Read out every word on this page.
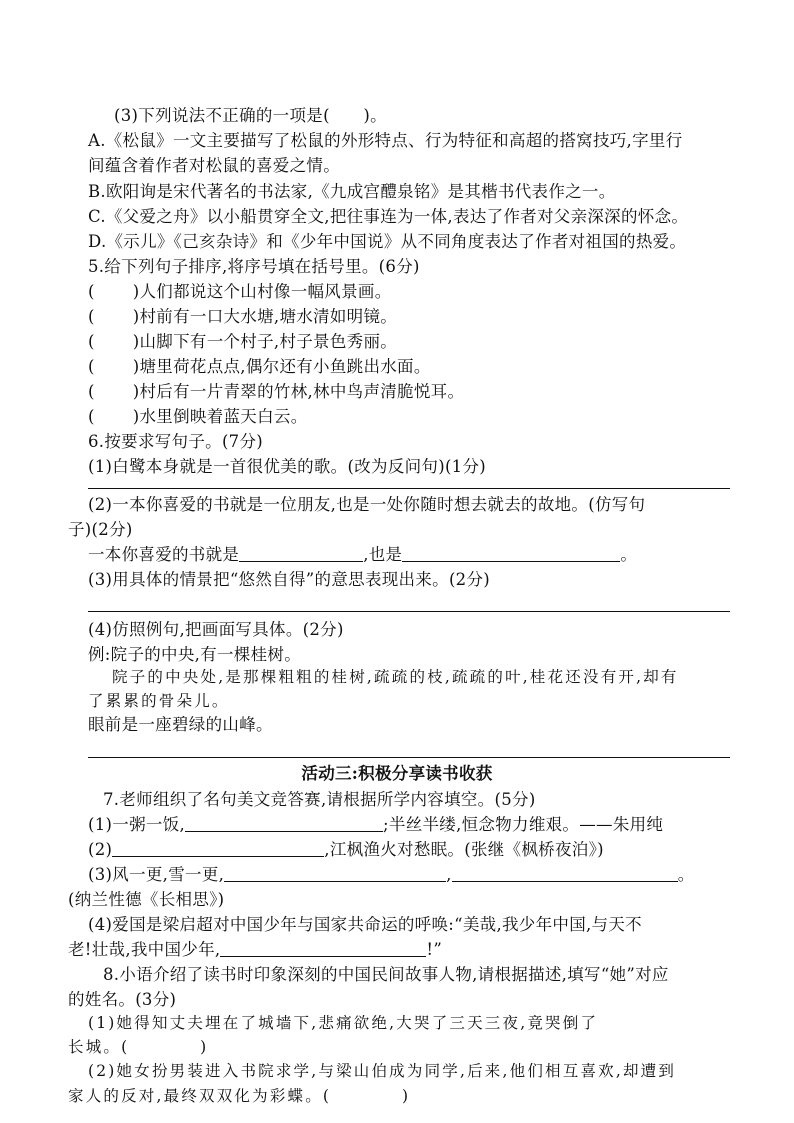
(3)下列说法不正确的一项是(　　)。
A.《松鼠》一文主要描写了松鼠的外形特点、行为特征和高超的搭窝技巧,字里行
间蕴含着作者对松鼠的喜爱之情。
B.欧阳询是宋代著名的书法家,《九成宫醴泉铭》是其楷书代表作之一。
C.《父爱之舟》以小船贯穿全文,把往事连为一体,表达了作者对父亲深深的怀念。
D.《示儿》《己亥杂诗》和《少年中国说》从不同角度表达了作者对祖国的热爱。
5.给下列句子排序,将序号填在括号里。(6分)
( )人们都说这个山村像一幅风景画。
( )村前有一口大水塘,塘水清如明镜。
( )山脚下有一个村子,村子景色秀丽。
( )塘里荷花点点,偶尔还有小鱼跳出水面。
( )村后有一片青翠的竹林,林中鸟声清脆悦耳。
( )水里倒映着蓝天白云。
6.按要求写句子。(7分)
(1)白鹭本身就是一首很优美的歌。(改为反问句)(1分)
(2)一本你喜爱的书就是一位朋友,也是一处你随时想去就去的故地。(仿写句
子)(2分)
一本你喜爱的书就是	,也是	。
(3)用具体的情景把“悠然自得”的意思表现出来。(2分)
(4)仿照例句,把画面写具体。(2分)
例:院子的中央,有一棵桂树。
院子的中央处,是那棵粗粗的桂树,疏疏的枝,疏疏的叶,桂花还没有开,却有
了累累的骨朵儿。
眼前是一座碧绿的山峰。
活动三:积极分享读书收获
7.老师组织了名句美文竞答赛,请根据所学内容填空。(5分)
(1)一粥一饭,	;半丝半缕,恒念物力维艰。——朱用纯
(2)	,江枫渔火对愁眠。(张继《枫桥夜泊》)
(3)风一更,雪一更,	,	。
(纳兰性德《长相思》)
(4)爱国是梁启超对中国少年与国家共命运的呼唤:“美哉,我少年中国,与天不
老!壮哉,我中国少年,	!”
8.小语介绍了读书时印象深刻的中国民间故事人物,请根据描述,填写“她”对应
的姓名。(3分)
(1)她得知丈夫埋在了城墙下,悲痛欲绝,大哭了三天三夜,竟哭倒了
长城。(　　　　)
(2)她女扮男装进入书院求学,与梁山伯成为同学,后来,他们相互喜欢,却遭到
家人的反对,最终双双化为彩蝶。(　　　　)
